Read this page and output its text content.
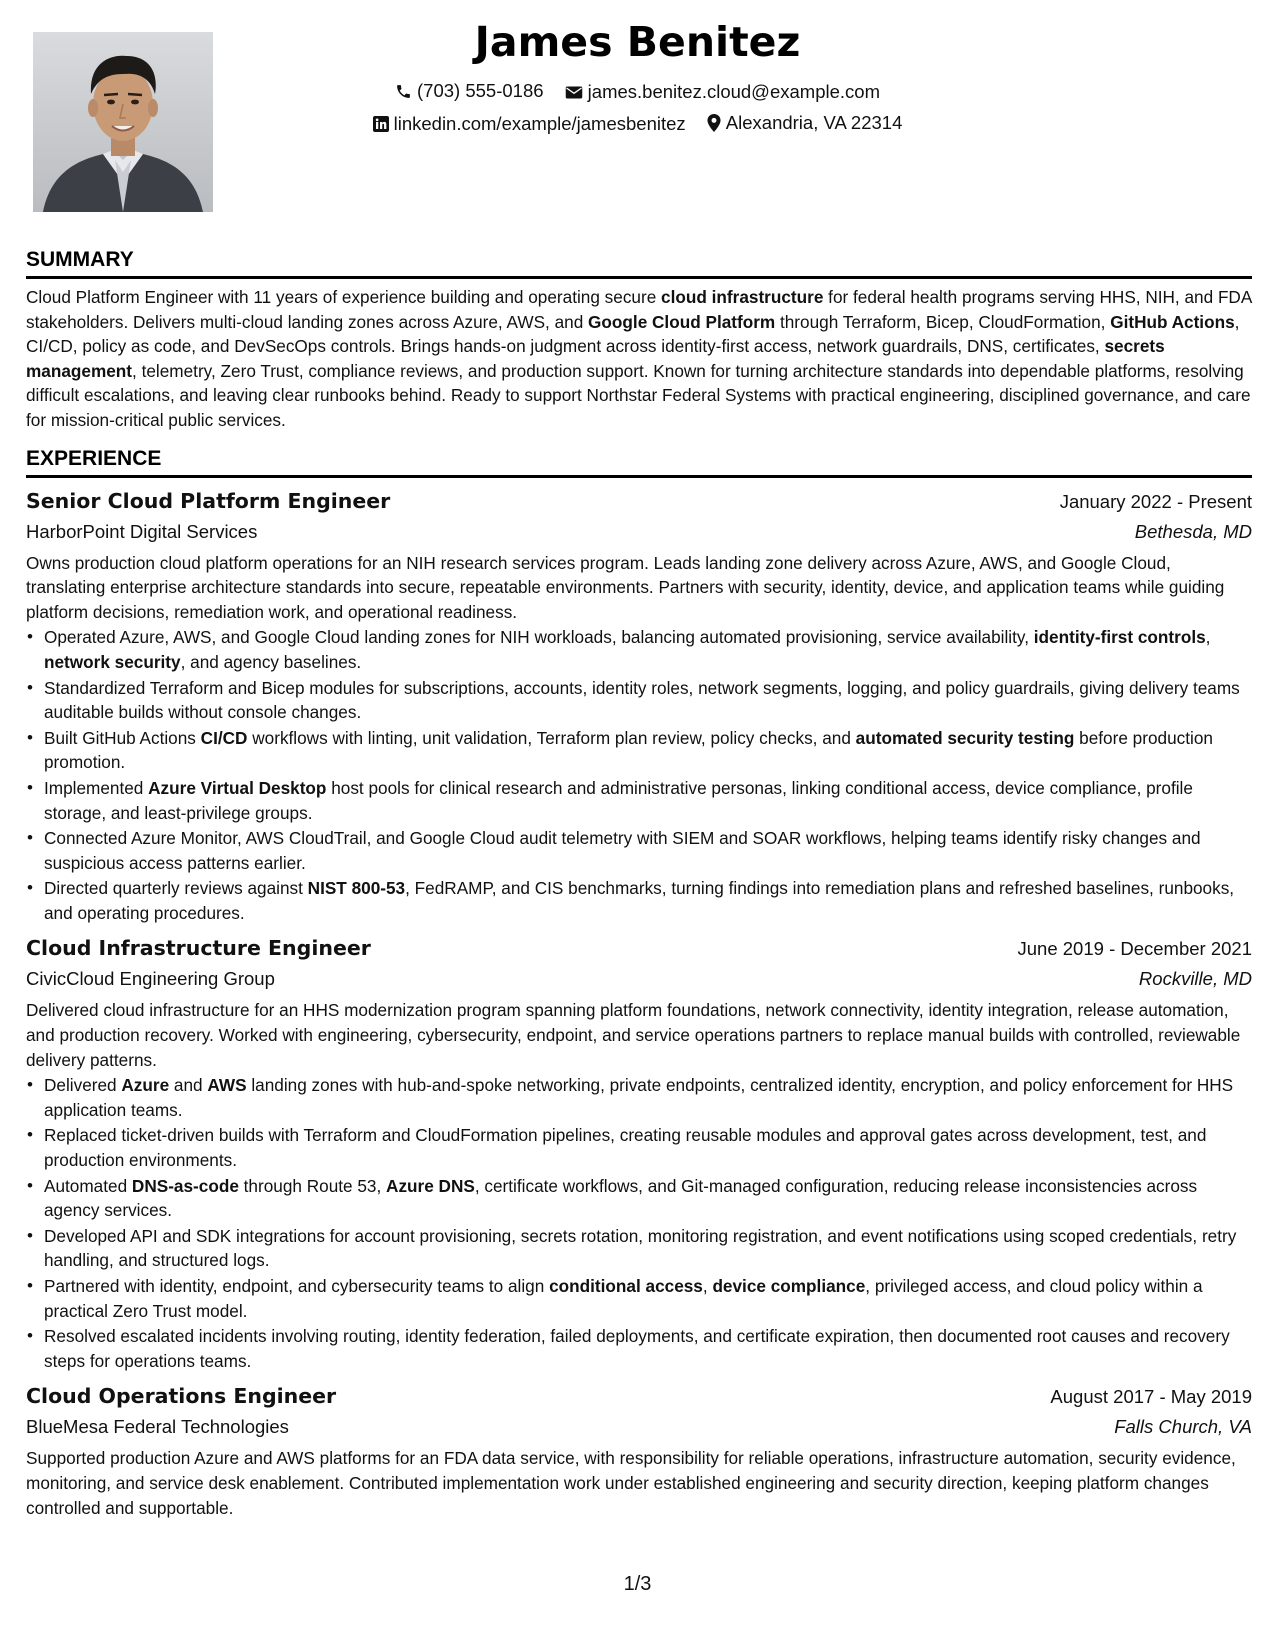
James Benitez
(703) 555-0186
james.benitez.cloud@example.com
linkedin.com/example/jamesbenitez
Alexandria, VA 22314
SUMMARY

Cloud Platform Engineer with 11 years of experience building and operating secure cloud infrastructure for federal health programs serving HHS, NIH, and FDA stakeholders. Delivers multi-cloud landing zones across Azure, AWS, and Google Cloud Platform through Terraform, Bicep, CloudFormation, GitHub Actions, CI/CD, policy as code, and DevSecOps controls. Brings hands-on judgment across identity-first access, network guardrails, DNS, certificates, secrets management, telemetry, Zero Trust, compliance reviews, and production support. Known for turning architecture standards into dependable platforms, resolving difficult escalations, and leaving clear runbooks behind. Ready to support Northstar Federal Systems with practical engineering, disciplined governance, and care for mission-critical public services.

EXPERIENCE
Senior Cloud Platform Engineer	January 2022 - Present
HarborPoint Digital Services	Bethesda, MD

Owns production cloud platform operations for an NIH research services program. Leads landing zone delivery across Azure, AWS, and Google Cloud, translating enterprise architecture standards into secure, repeatable environments. Partners with security, identity, device, and application teams while guiding platform decisions, remediation work, and operational readiness.

• Operated Azure, AWS, and Google Cloud landing zones for NIH workloads, balancing automated provisioning, service availability, identity-first controls, network security, and agency baselines.
• Standardized Terraform and Bicep modules for subscriptions, accounts, identity roles, network segments, logging, and policy guardrails, giving delivery teams auditable builds without console changes.
• Built GitHub Actions CI/CD workflows with linting, unit validation, Terraform plan review, policy checks, and automated security testing before production promotion.
• Implemented Azure Virtual Desktop host pools for clinical research and administrative personas, linking conditional access, device compliance, profile storage, and least-privilege groups.
• Connected Azure Monitor, AWS CloudTrail, and Google Cloud audit telemetry with SIEM and SOAR workflows, helping teams identify risky changes and suspicious access patterns earlier.
• Directed quarterly reviews against NIST 800-53, FedRAMP, and CIS benchmarks, turning findings into remediation plans and refreshed baselines, runbooks, and operating procedures.
Cloud Infrastructure Engineer	June 2019 - December 2021
CivicCloud Engineering Group	Rockville, MD

Delivered cloud infrastructure for an HHS modernization program spanning platform foundations, network connectivity, identity integration, release automation, and production recovery. Worked with engineering, cybersecurity, endpoint, and service operations partners to replace manual builds with controlled, reviewable delivery patterns.

• Delivered Azure and AWS landing zones with hub-and-spoke networking, private endpoints, centralized identity, encryption, and policy enforcement for HHS application teams.
• Replaced ticket-driven builds with Terraform and CloudFormation pipelines, creating reusable modules and approval gates across development, test, and production environments.
• Automated DNS-as-code through Route 53, Azure DNS, certificate workflows, and Git-managed configuration, reducing release inconsistencies across agency services.
• Developed API and SDK integrations for account provisioning, secrets rotation, monitoring registration, and event notifications using scoped credentials, retry handling, and structured logs.
• Partnered with identity, endpoint, and cybersecurity teams to align conditional access, device compliance, privileged access, and cloud policy within a practical Zero Trust model.
• Resolved escalated incidents involving routing, identity federation, failed deployments, and certificate expiration, then documented root causes and recovery steps for operations teams.
Cloud Operations Engineer	August 2017 - May 2019
BlueMesa Federal Technologies	Falls Church, VA

Supported production Azure and AWS platforms for an FDA data service, with responsibility for reliable operations, infrastructure automation, security evidence, monitoring, and service desk enablement. Contributed implementation work under established engineering and security direction, keeping platform changes controlled and supportable.

1/3
